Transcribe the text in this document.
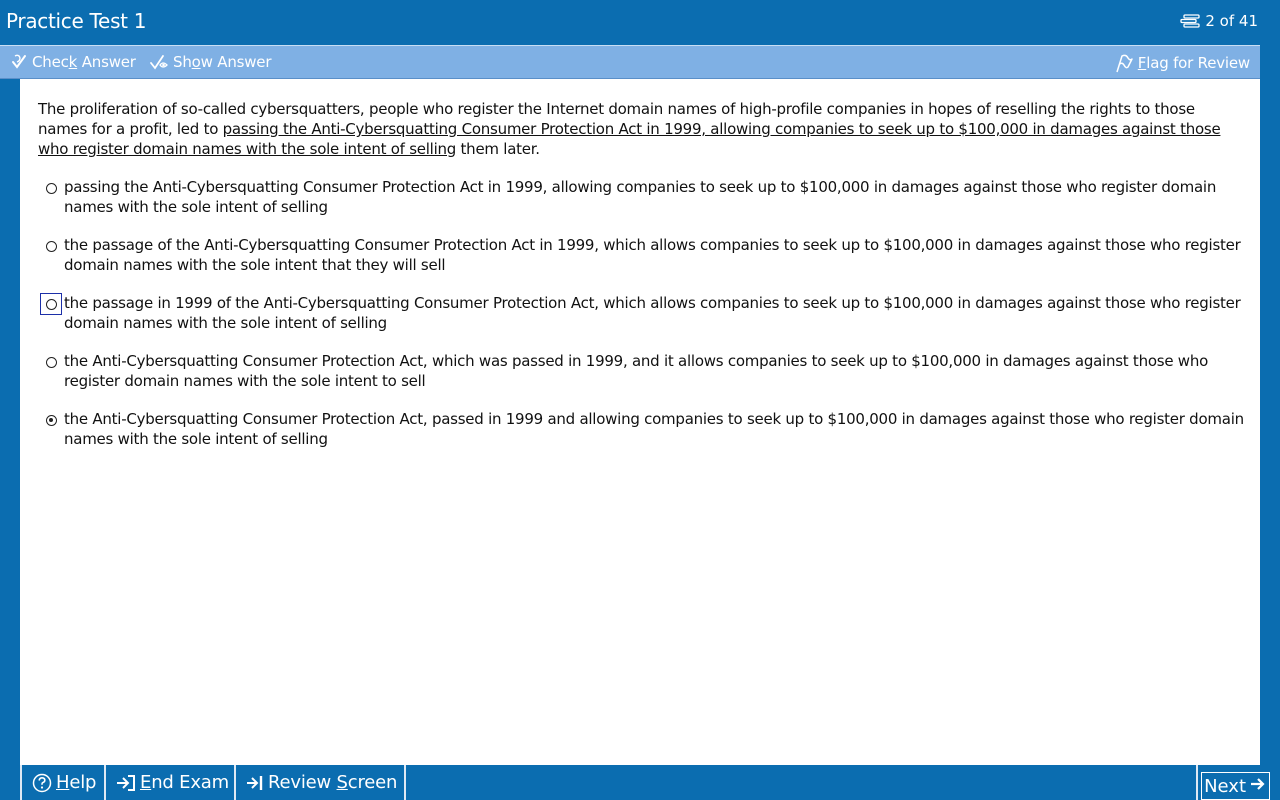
Practice Test 1	2 of 41
Check Answer Show Answer	Flag for Review
The proliferation of so-called cybersquatters, people who register the Internet domain names of high-profile companies in hopes of reselling the rights to those names for a profit, led to passing the Anti-Cybersquatting Consumer Protection Act in 1999, allowing companies to seek up to $100,000 in damages against those who register domain names with the sole intent of selling them later.
passing the Anti-Cybersquatting Consumer Protection Act in 1999, allowing companies to seek up to $100,000 in damages against those who register domain names with the sole intent of selling
the passage of the Anti-Cybersquatting Consumer Protection Act in 1999, which allows companies to seek up to $100,000 in damages against those who register domain names with the sole intent that they will sell
the passage in 1999 of the Anti-Cybersquatting Consumer Protection Act, which allows companies to seek up to $100,000 in damages against those who register domain names with the sole intent of selling
the Anti-Cybersquatting Consumer Protection Act, which was passed in 1999, and it allows companies to seek up to $100,000 in damages against those who register domain names with the sole intent to sell
the Anti-Cybersquatting Consumer Protection Act, passed in 1999 and allowing companies to seek up to $100,000 in damages against those who register domain names with the sole intent of selling
Help End Exam Review Screen	Next
